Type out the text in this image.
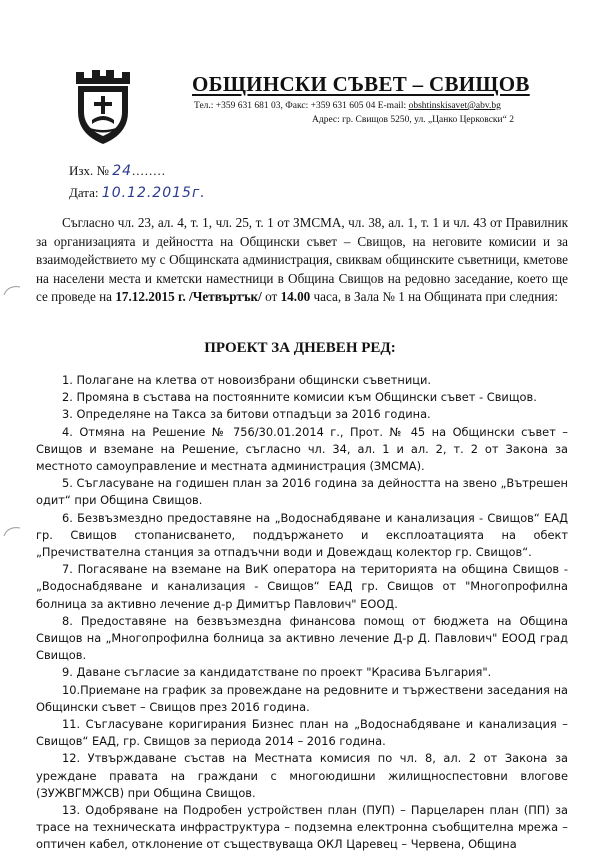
ОБЩИНСКИ СЪВЕТ – СВИЩОВ
Тел.: +359 631 681 03, Факс: +359 631 605 04 E-mail: obshtinskisavet@abv.bg
Адрес: гр. Свищов 5250, ул. „Цанко Церковски“ 2
Изх. № 24........
Дата: 10.12.2015г.

Съгласно чл. 23, ал. 4, т. 1, чл. 25, т. 1 от ЗМСМА, чл. 38, ал. 1, т. 1 и чл. 43 от Правилник за организацията и дейността на Общински съвет – Свищов, на неговите комисии и за взаимодействието му с Общинската администрация, свиквам общинските съветници, кметове на населени места и кметски наместници в Община Свищов на редовно заседание, което ще се проведе на 17.12.2015 г. /Четвъртък/ от 14.00 часа, в Зала № 1 на Общината при следния:

ПРОЕКТ ЗА ДНЕВЕН РЕД:
1. Полагане на клетва от новоизбрани общински съветници.
2. Промяна в състава на постоянните комисии към Общински съвет - Свищов.
3. Определяне на Такса за битови отпадъци за 2016 година.
4. Отмяна на Решение № 756/30.01.2014 г., Прот. № 45 на Общински съвет – Свищов и вземане на Решение, съгласно чл. 34, ал. 1 и ал. 2, т. 2 от Закона за местното самоуправление и местната администрация (ЗМСМА).
5. Съгласуване на годишен план за 2016 година за дейността на звено „Вътрешен одит“ при Община Свищов.
6. Безвъзмездно предоставяне на „Водоснабдяване и канализация - Свищов“ ЕАД гр. Свищов стопанисването, поддържането и експлоатацията на обект „Пречиствателна станция за отпадъчни води и Довеждащ колектор гр. Свищов“.
7. Погасяване на вземане на ВиК оператора на територията на община Свищов - „Водоснабдяване и канализация - Свищов“ ЕАД гр. Свищов от "Многопрофилна болница за активно лечение д-р Димитър Павлович" ЕООД.
8. Предоставяне на безвъзмездна финансова помощ от бюджета на Община Свищов на „Многопрофилна болница за активно лечение Д-р Д. Павлович" ЕООД град Свищов.
9. Даване съгласие за кандидатстване по проект "Красива България".
10.Приемане на график за провеждане на редовните и тържествени заседания на Общински съвет – Свищов през 2016 година.
11. Съгласуване коригирания Бизнес план на „Водоснабдяване и канализация – Свищов“ ЕАД, гр. Свищов за периода 2014 – 2016 година.
12. Утвърждаване състав на Местната комисия по чл. 8, ал. 2 от Закона за уреждане правата на граждани с многоюдишни жилищноспестовни влогове (ЗУЖВГМЖСВ) при Община Свищов.
13. Одобряване на Подробен устройствен план (ПУП) – Парцеларен план (ПП) за трасе на техническата инфраструктура – подземна електронна съобщителна мрежа – оптичен кабел, отклонение от съществуваща ОКЛ Царевец – Червена, Община
